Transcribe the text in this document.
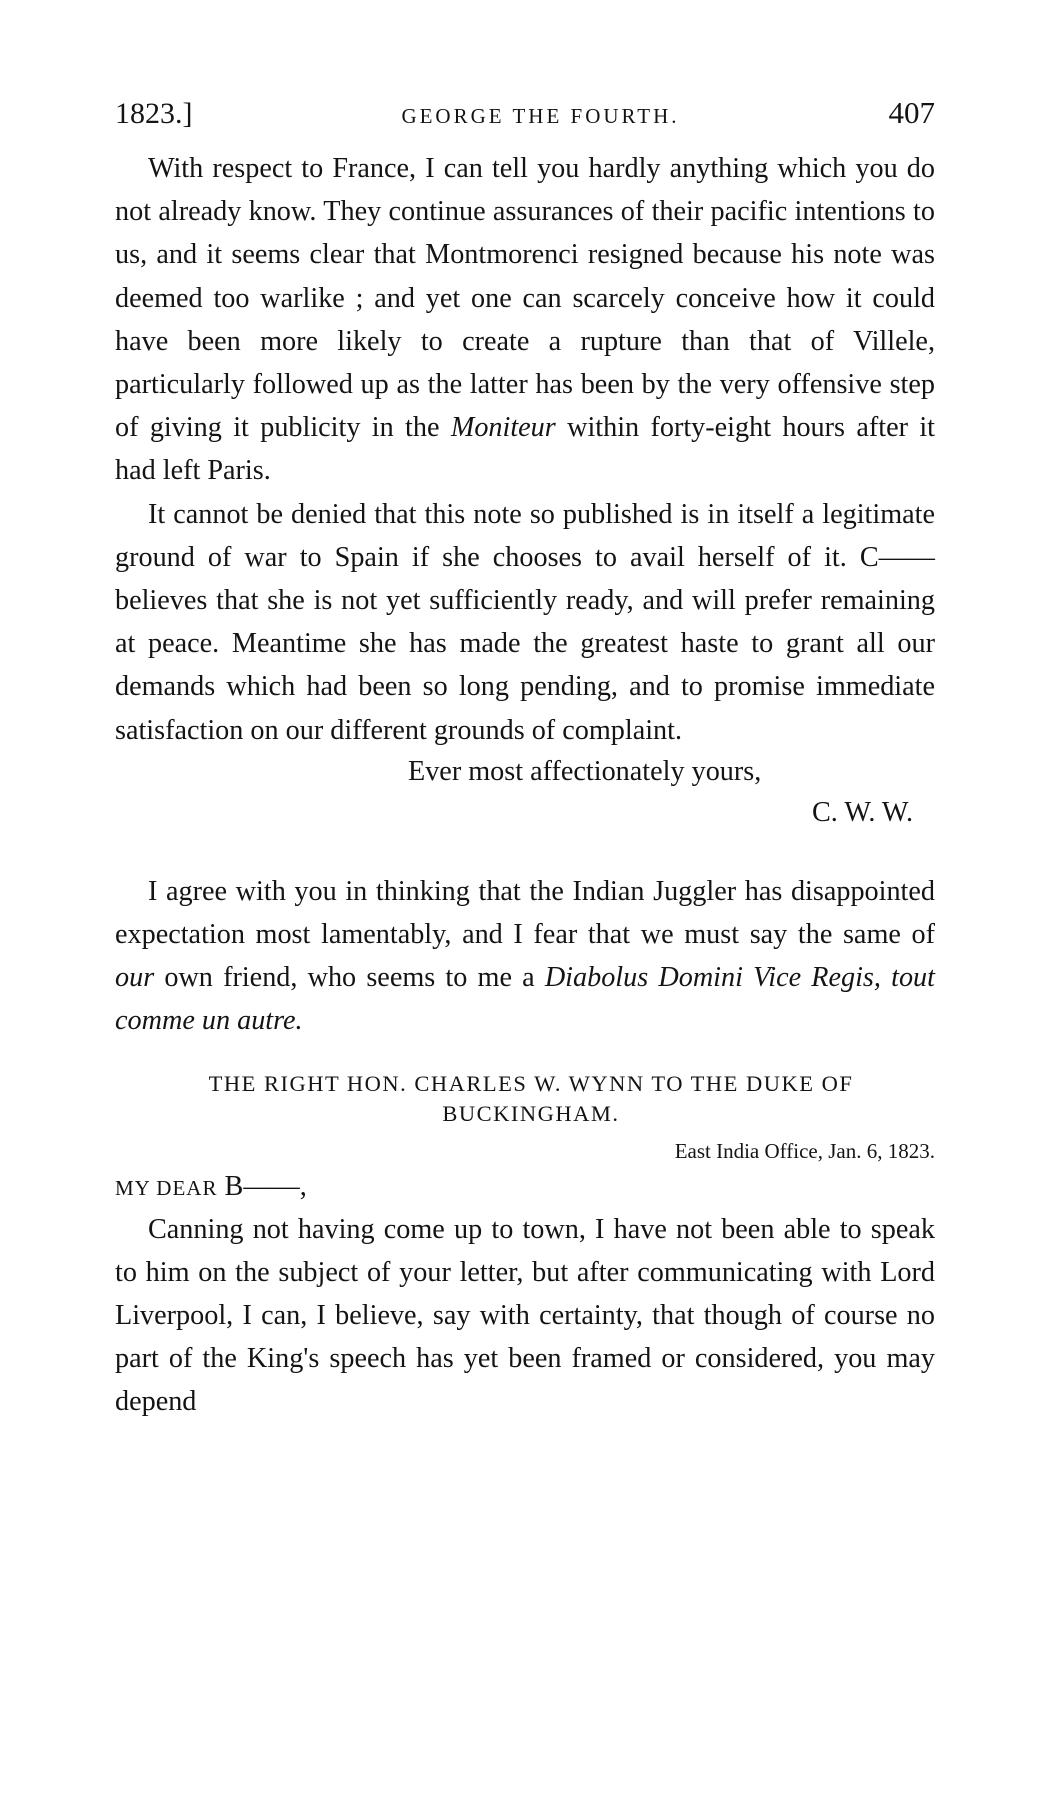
1823.]	GEORGE THE FOURTH.	407

With respect to France, I can tell you hardly anything which you do not already know. They continue assurances of their pacific intentions to us, and it seems clear that Montmorenci resigned because his note was deemed too warlike ; and yet one can scarcely conceive how it could have been more likely to create a rupture than that of Villele, particularly followed up as the latter has been by the very offensive step of giving it publicity in the Moniteur within forty-eight hours after it had left Paris.

It cannot be denied that this note so published is in itself a legitimate ground of war to Spain if she chooses to avail herself of it. C—— believes that she is not yet sufficiently ready, and will prefer remaining at peace. Meantime she has made the greatest haste to grant all our demands which had been so long pending, and to promise immediate satisfaction on our different grounds of complaint.

Ever most affectionately yours,
C. W. W.

I agree with you in thinking that the Indian Juggler has disappointed expectation most lamentably, and I fear that we must say the same of our own friend, who seems to me a Diabolus Domini Vice Regis, tout comme un autre.

THE RIGHT HON. CHARLES W. WYNN TO THE DUKE OF BUCKINGHAM.
East India Office, Jan. 6, 1823.
MY DEAR B——,

Canning not having come up to town, I have not been able to speak to him on the subject of your letter, but after communicating with Lord Liverpool, I can, I believe, say with certainty, that though of course no part of the King's speech has yet been framed or considered, you may depend
